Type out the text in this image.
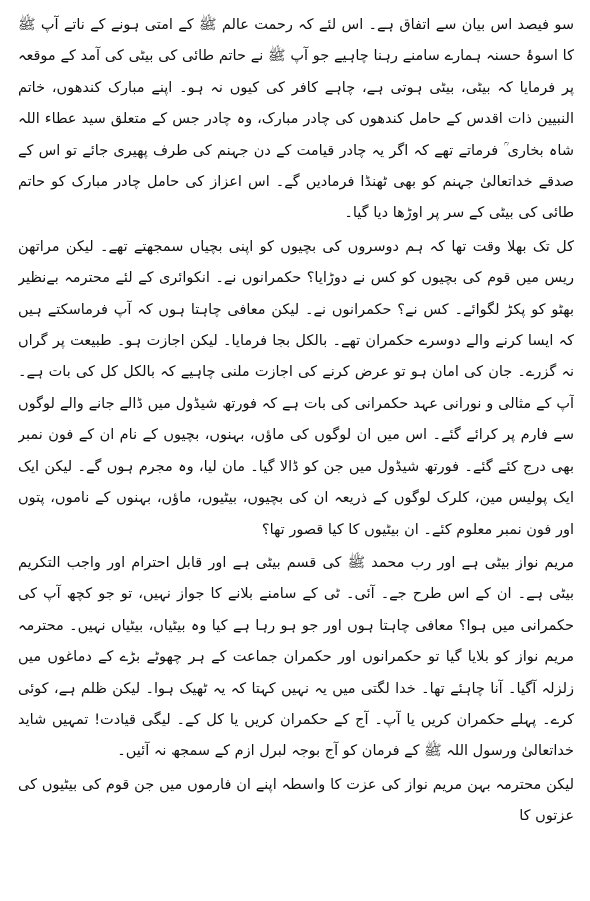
سو فیصد اس بیان سے اتفاق ہے۔ اس لئے کہ رحمت عالم ﷺ کے امتی ہونے کے ناتے آپ ﷺ کا اسوۂ حسنہ ہمارے سامنے رہنا چاہیے جو آپ ﷺ نے حاتم طائی کی بیٹی کی آمد کے موقعہ پر فرمایا کہ بیٹی، بیٹی ہوتی ہے، چاہے کافر کی کیوں نہ ہو۔ اپنے مبارک کندھوں، خاتم النبیین ذات اقدس کے حامل کندھوں کی چادر مبارک، وہ چادر جس کے متعلق سید عطاء اللہ شاہ بخاری ؒ فرماتے تھے کہ اگر یہ چادر قیامت کے دن جہنم کی طرف پھیری جائے تو اس کے صدقے خداتعالیٰ جہنم کو بھی ٹھنڈا فرمادیں گے۔ اس اعزاز کی حامل چادر مبارک کو حاتم طائی کی بیٹی کے سر پر اوڑھا دیا گیا۔

کل تک بھلا وقت تھا کہ ہم دوسروں کی بچیوں کو اپنی بچیاں سمجھتے تھے۔ لیکن مراتھن ریس میں قوم کی بچیوں کو کس نے دوڑایا؟ حکمرانوں نے۔ انکوائری کے لئے محترمہ بےنظیر بھٹو کو پکڑ لگوائے۔ کس نے؟ حکمرانوں نے۔ لیکن معافی چاہتا ہوں کہ آپ فرماسکتے ہیں کہ ایسا کرنے والے دوسرے حکمران تھے۔ بالکل بجا فرمایا۔ لیکن اجازت ہو۔ طبیعت پر گراں نہ گزرے۔ جان کی امان ہو تو عرض کرنے کی اجازت ملنی چاہیے کہ بالکل کل کی بات ہے۔ آپ کے مثالی و نورانی عہد حکمرانی کی بات ہے کہ فورتھ شیڈول میں ڈالے جانے والے لوگوں سے فارم پر کرائے گئے۔ اس میں ان لوگوں کی ماؤں، بہنوں، بچیوں کے نام ان کے فون نمبر بھی درج کئے گئے۔ فورتھ شیڈول میں جن کو ڈالا گیا۔ مان لیا، وہ مجرم ہوں گے۔ لیکن ایک ایک پولیس مین، کلرک لوگوں کے ذریعہ ان کی بچیوں، بیٹیوں، ماؤں، بہنوں کے ناموں، پتوں اور فون نمبر معلوم کئے۔ ان بیٹیوں کا کیا قصور تھا؟

مریم نواز بیٹی ہے اور رب محمد ﷺ کی قسم بیٹی ہے اور قابل احترام اور واجب التکریم بیٹی ہے۔ ان کے اس طرح جے۔ آئی۔ ٹی کے سامنے بلانے کا جواز نہیں، تو جو کچھ آپ کی حکمرانی میں ہوا؟ معافی چاہتا ہوں اور جو ہو رہا ہے کیا وہ بیٹیاں، بیٹیاں نہیں۔ محترمہ مریم نواز کو بلایا گیا تو حکمرانوں اور حکمران جماعت کے ہر چھوٹے بڑے کے دماغوں میں زلزلہ آگیا۔ آنا چاہئے تھا۔ خدا لگتی میں یہ نہیں کہتا کہ یہ ٹھیک ہوا۔ لیکن ظلم ہے، کوئی کرے۔ پہلے حکمران کریں یا آپ۔ آج کے حکمران کریں یا کل کے۔ لیگی قیادت! تمہیں شاید خداتعالیٰ ورسول اللہ ﷺ کے فرمان کو آج بوجہ لبرل ازم کے سمجھ نہ آئیں۔

لیکن محترمہ بہن مریم نواز کی عزت کا واسطہ اپنے ان فارموں میں جن قوم کی بیٹیوں کی عزتوں کا
